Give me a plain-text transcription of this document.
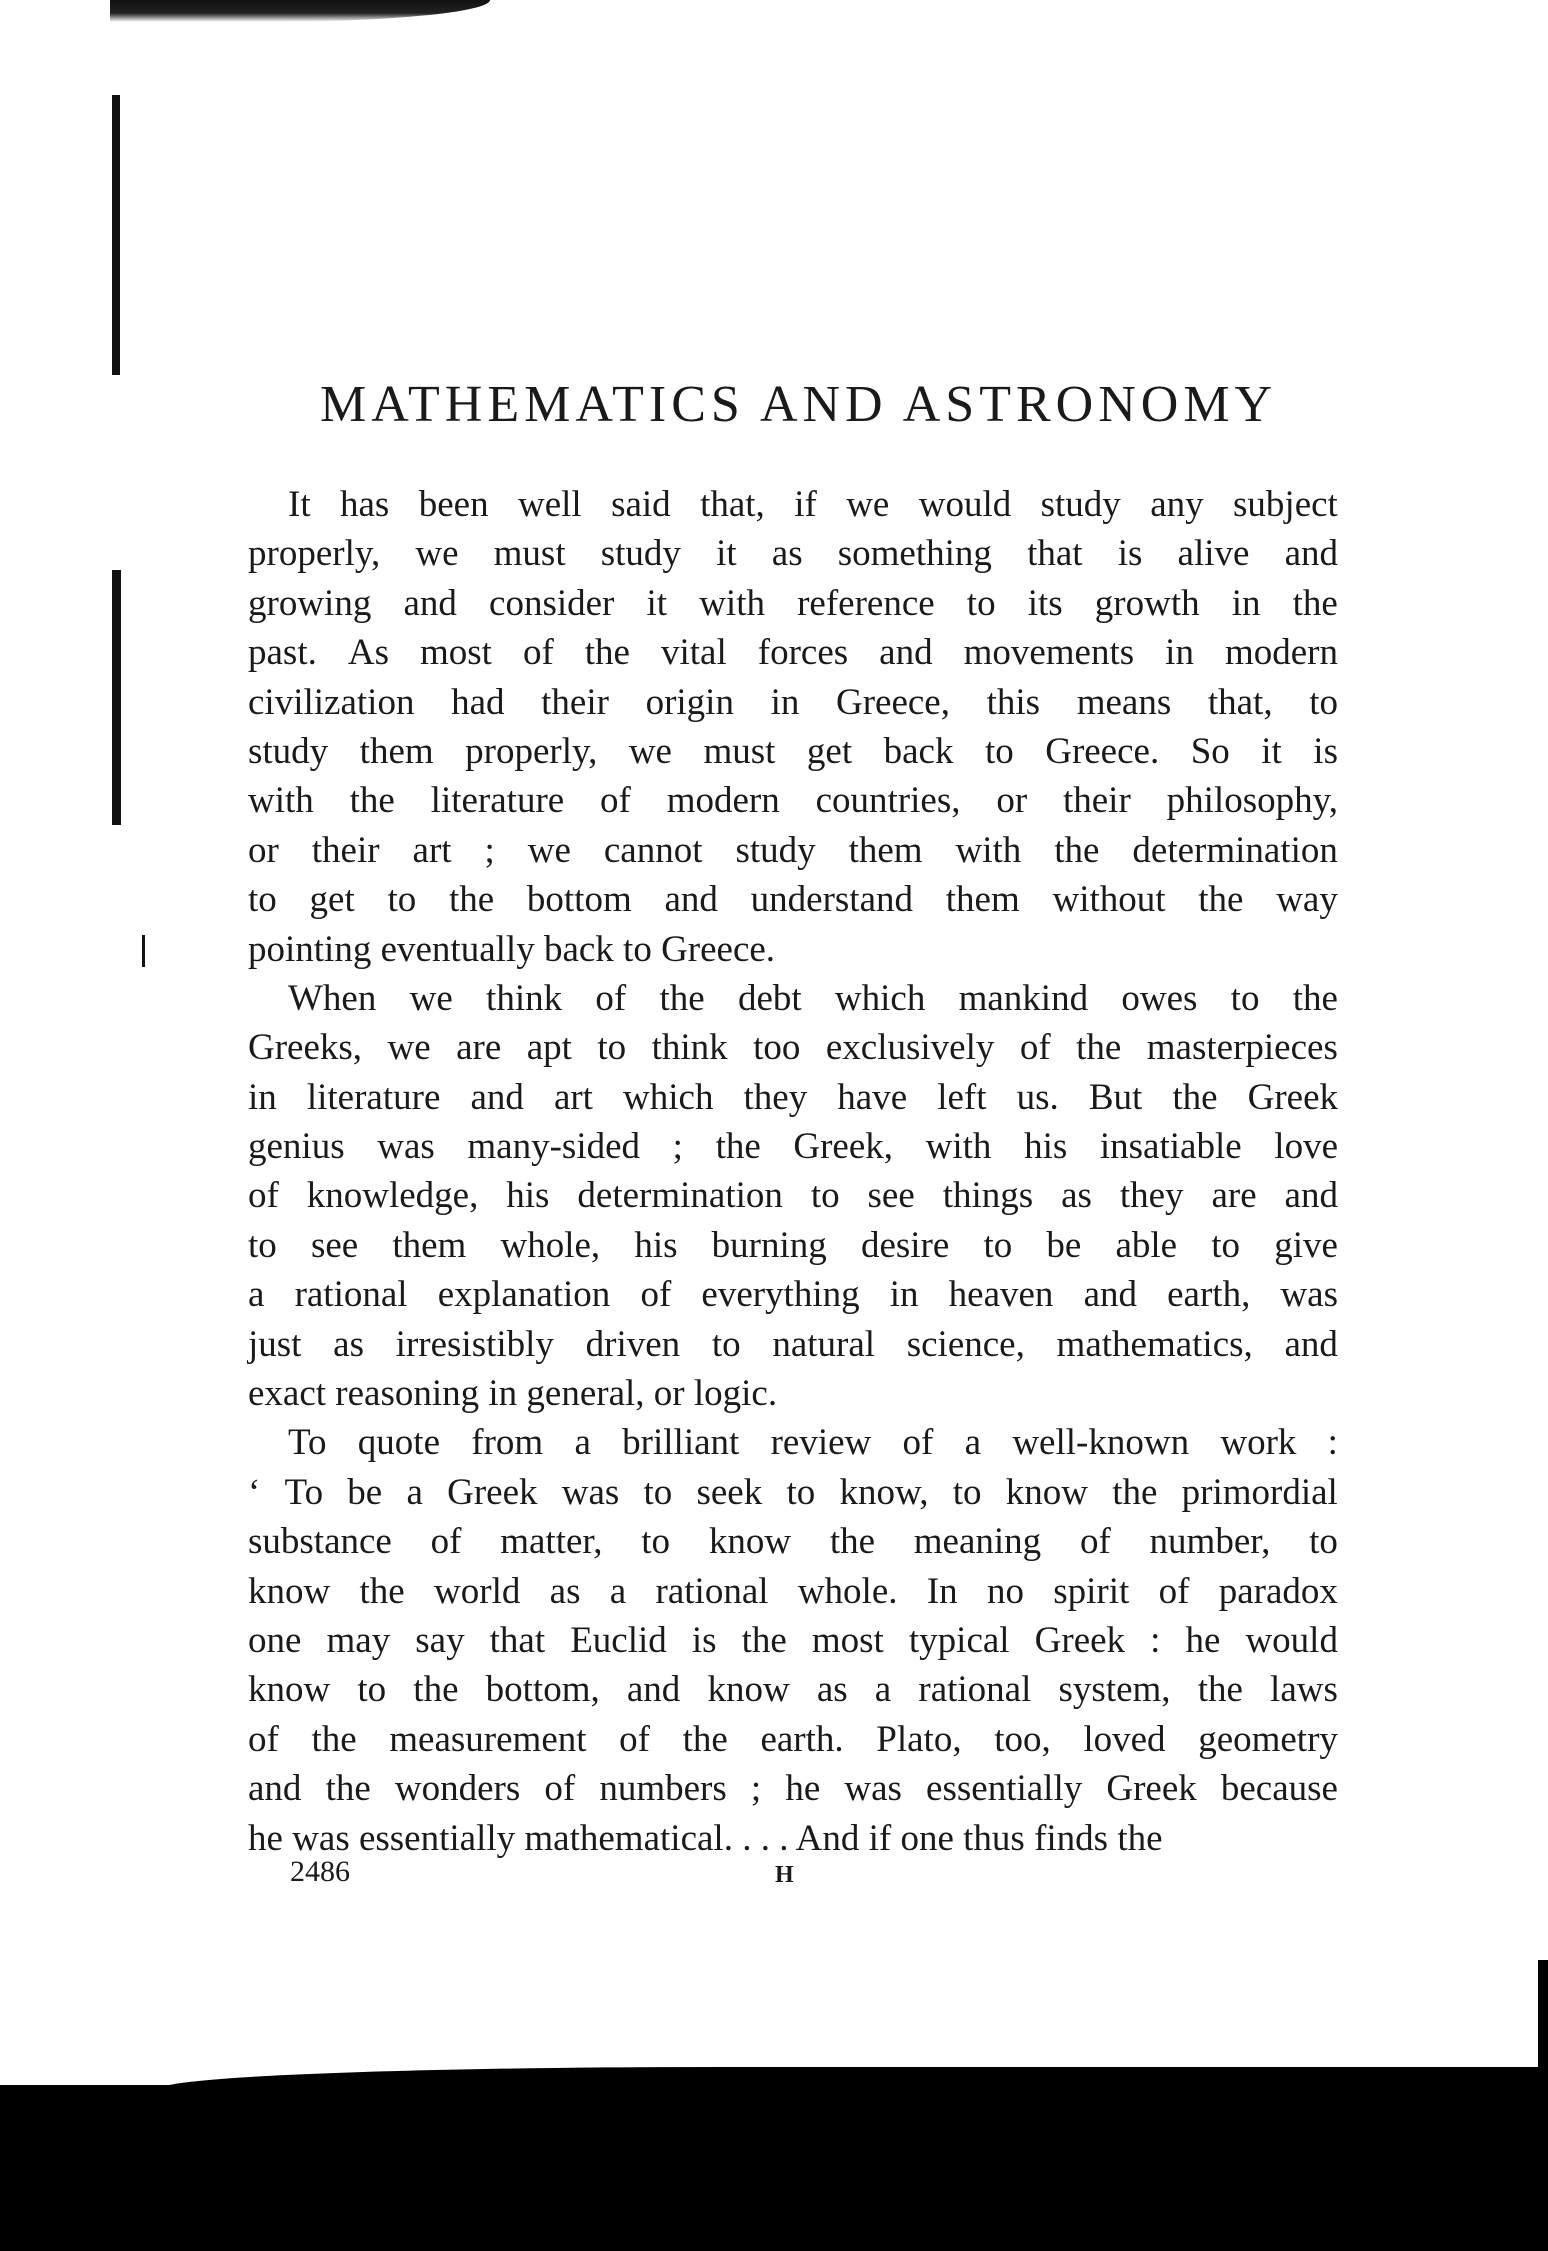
MATHEMATICS AND ASTRONOMY
It has been well said that, if we would study any subject
properly, we must study it as something that is alive and
growing and consider it with reference to its growth in the
past. As most of the vital forces and movements in modern
civilization had their origin in Greece, this means that, to
study them properly, we must get back to Greece. So it is
with the literature of modern countries, or their philosophy,
or their art ; we cannot study them with the determination
to get to the bottom and understand them without the way
pointing eventually back to Greece.
When we think of the debt which mankind owes to the
Greeks, we are apt to think too exclusively of the masterpieces
in literature and art which they have left us. But the Greek
genius was many-sided ; the Greek, with his insatiable love
of knowledge, his determination to see things as they are and
to see them whole, his burning desire to be able to give
a rational explanation of everything in heaven and earth, was
just as irresistibly driven to natural science, mathematics, and
exact reasoning in general, or logic.
To quote from a brilliant review of a well-known work :
‘ To be a Greek was to seek to know, to know the primordial
substance of matter, to know the meaning of number, to
know the world as a rational whole. In no spirit of paradox
one may say that Euclid is the most typical Greek : he would
know to the bottom, and know as a rational system, the laws
of the measurement of the earth. Plato, too, loved geometry
and the wonders of numbers ; he was essentially Greek because
he was essentially mathematical. . . . And if one thus finds the
2486	H
